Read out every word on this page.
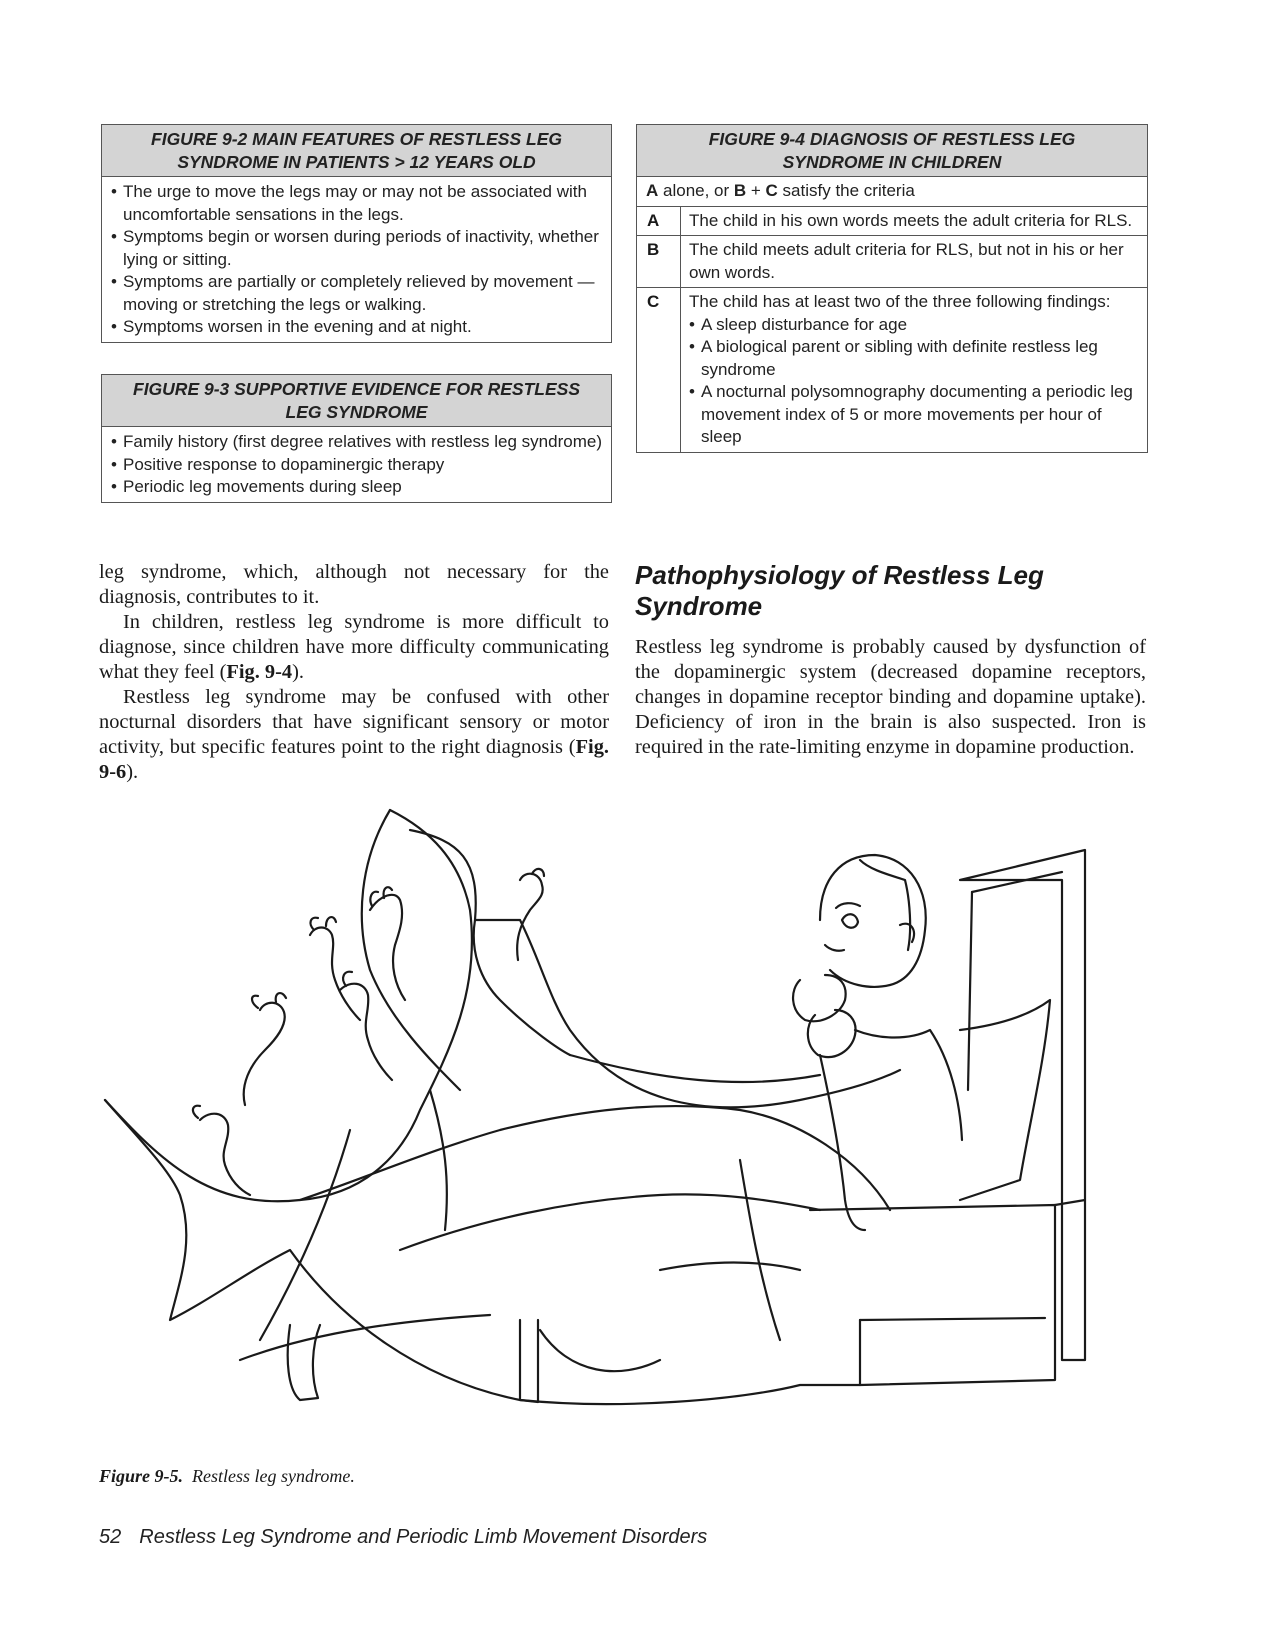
FIGURE 9-2 MAIN FEATURES OF RESTLESS LEG
SYNDROME IN PATIENTS > 12 YEARS OLD
• The urge to move the legs may or may not be associated with uncomfortable sensations in the legs.
• Symptoms begin or worsen during periods of inactivity, whether lying or sitting.
• Symptoms are partially or completely relieved by movement — moving or stretching the legs or walking.
• Symptoms worsen in the evening and at night.
FIGURE 9-3 SUPPORTIVE EVIDENCE FOR RESTLESS
LEG SYNDROME
• Family history (first degree relatives with restless leg syndrome)
• Positive response to dopaminergic therapy
• Periodic leg movements during sleep
FIGURE 9-4 DIAGNOSIS OF RESTLESS LEG
SYNDROME IN CHILDREN
A alone, or B + C satisfy the criteria
A	The child in his own words meets the adult criteria for RLS.
B	The child meets adult criteria for RLS, but not in his or her own words.
C	The child has at least two of the three following findings:
• A sleep disturbance for age
• A biological parent or sibling with definite restless leg syndrome
• A nocturnal polysomnography documenting a periodic leg movement index of 5 or more movements per hour of sleep

leg syndrome, which, although not necessary for the diagnosis, contributes to it.

In children, restless leg syndrome is more difficult to diagnose, since children have more difficulty communicating what they feel (Fig. 9-4).

Restless leg syndrome may be confused with other nocturnal disorders that have significant sensory or motor activity, but specific features point to the right diagnosis (Fig. 9-6).

Pathophysiology of Restless Leg Syndrome

Restless leg syndrome is probably caused by dysfunction of the dopaminergic system (decreased dopamine receptors, changes in dopamine receptor binding and dopamine uptake). Deficiency of iron in the brain is also suspected. Iron is required in the rate-limiting enzyme in dopamine production.

Figure 9-5. Restless leg syndrome.
52 Restless Leg Syndrome and Periodic Limb Movement Disorders
